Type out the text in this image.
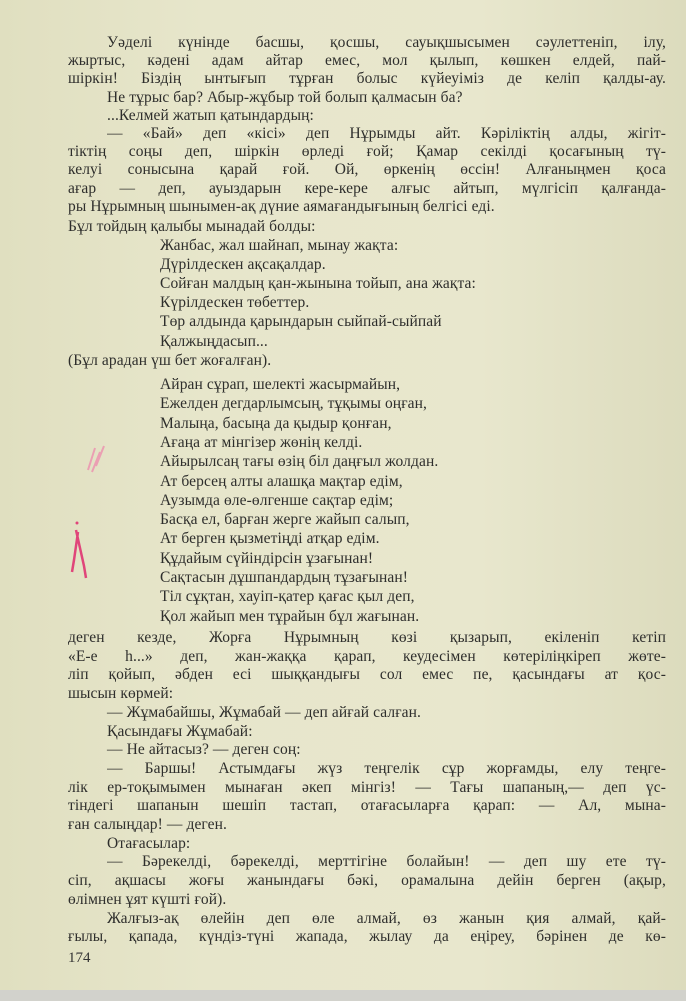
Уәделі күнінде басшы, қосшы, сауықшысымен сәулеттеніп, ілу,
жыртыс, кәдені адам айтар емес, мол қылып, көшкен елдей, пай-
шіркін! Біздің ынтығып тұрған болыс күйеуіміз де келіп қалды-ау.
Не тұрыс бар? Абыр-жұбыр той болып қалмасын ба?
...Келмей жатып қатындардың:
— «Бай» деп «кісі» деп Нұрымды айт. Кәріліктің алды, жігіт-
тіктің соңы деп, шіркін өрледі ғой; Қамар секілді қосағының тү-
келуі сонысына қарай ғой. Ой, өркенің өссін! Алғаныңмен қоса
ағар — деп, ауыздарын кере-кере алғыс айтып, мүлгісіп қалғанда-
ры Нұрымның шынымен-ақ дүние аямағандығының белгісі еді.
Бұл тойдың қалыбы мынадай болды:
Жанбас, жал шайнап, мынау жақта:
Дүрілдескен ақсақалдар.
Сойған малдың қан-жынына тойып, ана жақта:
Күрілдескен төбеттер.
Төр алдында қарындарын сыйпай-сыйпай
Қалжыңдасып...
(Бұл арадан үш бет жоғалған).
Айран сұрап, шелекті жасырмайын,
Ежелден дегдарлымсың, тұқымы оңған,
Малыңа, басыңа да қыдыр қонған,
Ағаңа ат мінгізер жөнің келді.
Айырылсаң тағы өзің біл даңғыл жолдан.
Ат берсең алты алашқа мақтар едім,
Аузымда өле-өлгенше сақтар едім;
Басқа ел, барған жерге жайып салып,
Ат берген қызметіңді атқар едім.
Құдайым сүйіндірсін ұзағынан!
Сақтасын дұшпандардың тұзағынан!
Тіл сұқтан, хауіп-қатер қағас қыл деп,
Қол жайып мен тұрайын бұл жағынан.
деген кезде, Жорға Нұрымның көзі қызарып, екіленіп кетіп
«Е-е һ...» деп, жан-жаққа қарап, кеудесімен көтеріліңкіреп жөте-
ліп қойып, әбден есі шыққандығы сол емес пе, қасындағы ат қос-
шысын көрмей:
— Жұмабайшы, Жұмабай — деп айғай салған.
Қасындағы Жұмабай:
— Не айтасыз? — деген соң:
— Баршы! Астымдағы жүз теңгелік сұр жорғамды, елу теңге-
лік ер-тоқымымен мынаған әкеп мінгіз! — Тағы шапаның,— деп үс-
тіндегі шапанын шешіп тастап, отағасыларға қарап: — Ал, мына-
ған салыңдар! — деген.
Отағасылар:
— Бәрекелді, бәрекелді, мерттігіне болайын! — деп шу ете тү-
сіп, ақшасы жоғы жанындағы бәкі, орамалына дейін берген (ақыр,
өлімнен ұят күшті ғой).
Жалғыз-ақ өлейін деп өле алмай, өз жанын қия алмай, қай-
ғылы, қапада, күндіз-түні жапада, жылау да еңіреу, бәрінен де кө-
174
